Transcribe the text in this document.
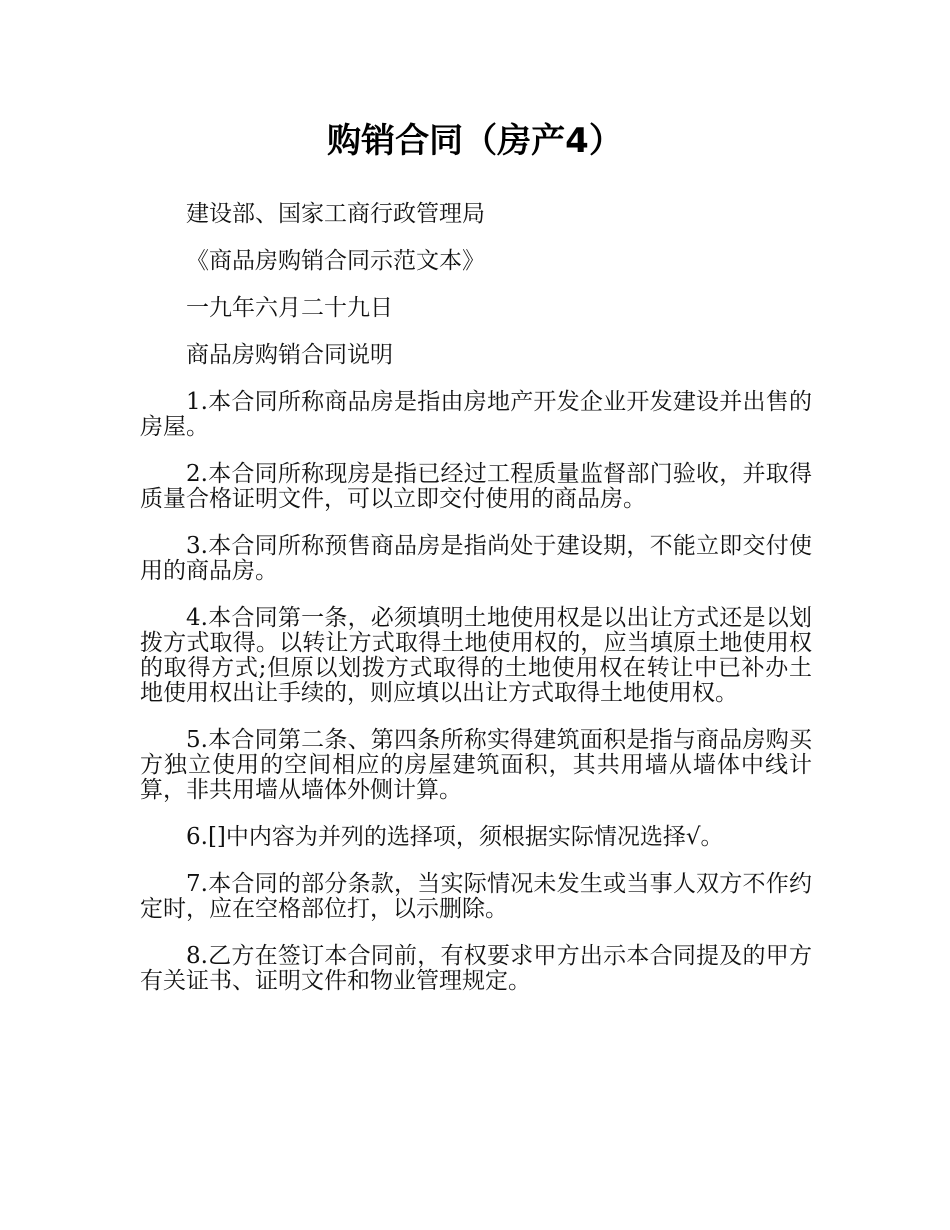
购销合同（房产4）

建设部、国家工商行政管理局

《商品房购销合同示范文本》

一九年六月二十九日

商品房购销合同说明

1.本合同所称商品房是指由房地产开发企业开发建设并出售的房屋。

2.本合同所称现房是指已经过工程质量监督部门验收，并取得质量合格证明文件，可以立即交付使用的商品房。

3.本合同所称预售商品房是指尚处于建设期，不能立即交付使用的商品房。

4.本合同第一条，必须填明土地使用权是以出让方式还是以划拨方式取得。以转让方式取得土地使用权的，应当填原土地使用权的取得方式;但原以划拨方式取得的土地使用权在转让中已补办土地使用权出让手续的，则应填以出让方式取得土地使用权。

5.本合同第二条、第四条所称实得建筑面积是指与商品房购买方独立使用的空间相应的房屋建筑面积，其共用墙从墙体中线计算，非共用墙从墙体外侧计算。

6.[]中内容为并列的选择项，须根据实际情况选择√。

7.本合同的部分条款，当实际情况未发生或当事人双方不作约定时，应在空格部位打，以示删除。

8.乙方在签订本合同前，有权要求甲方出示本合同提及的甲方有关证书、证明文件和物业管理规定。
